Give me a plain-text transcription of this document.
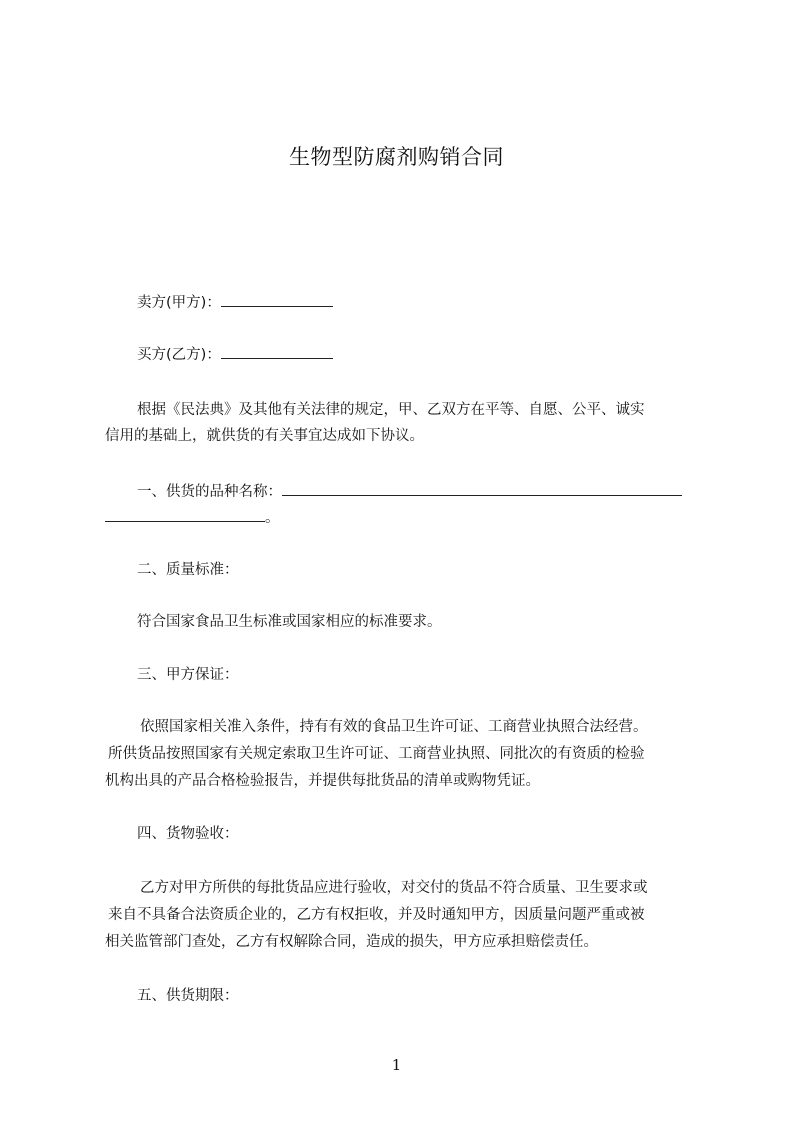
生物型防腐剂购销合同
卖方(甲方)：
买方(乙方)：
根据《民法典》及其他有关法律的规定，甲、乙双方在平等、自愿、公平、诚实
信用的基础上，就供货的有关事宜达成如下协议。
一、供货的品种名称：
。
二、质量标准：
符合国家食品卫生标准或国家相应的标准要求。
三、甲方保证：
依照国家相关准入条件，持有有效的食品卫生许可证、工商营业执照合法经营。
所供货品按照国家有关规定索取卫生许可证、工商营业执照、同批次的有资质的检验
机构出具的产品合格检验报告，并提供每批货品的清单或购物凭证。
四、货物验收：
乙方对甲方所供的每批货品应进行验收，对交付的货品不符合质量、卫生要求或
来自不具备合法资质企业的，乙方有权拒收，并及时通知甲方，因质量问题严重或被
相关监管部门查处，乙方有权解除合同，造成的损失，甲方应承担赔偿责任。
五、供货期限：
1
